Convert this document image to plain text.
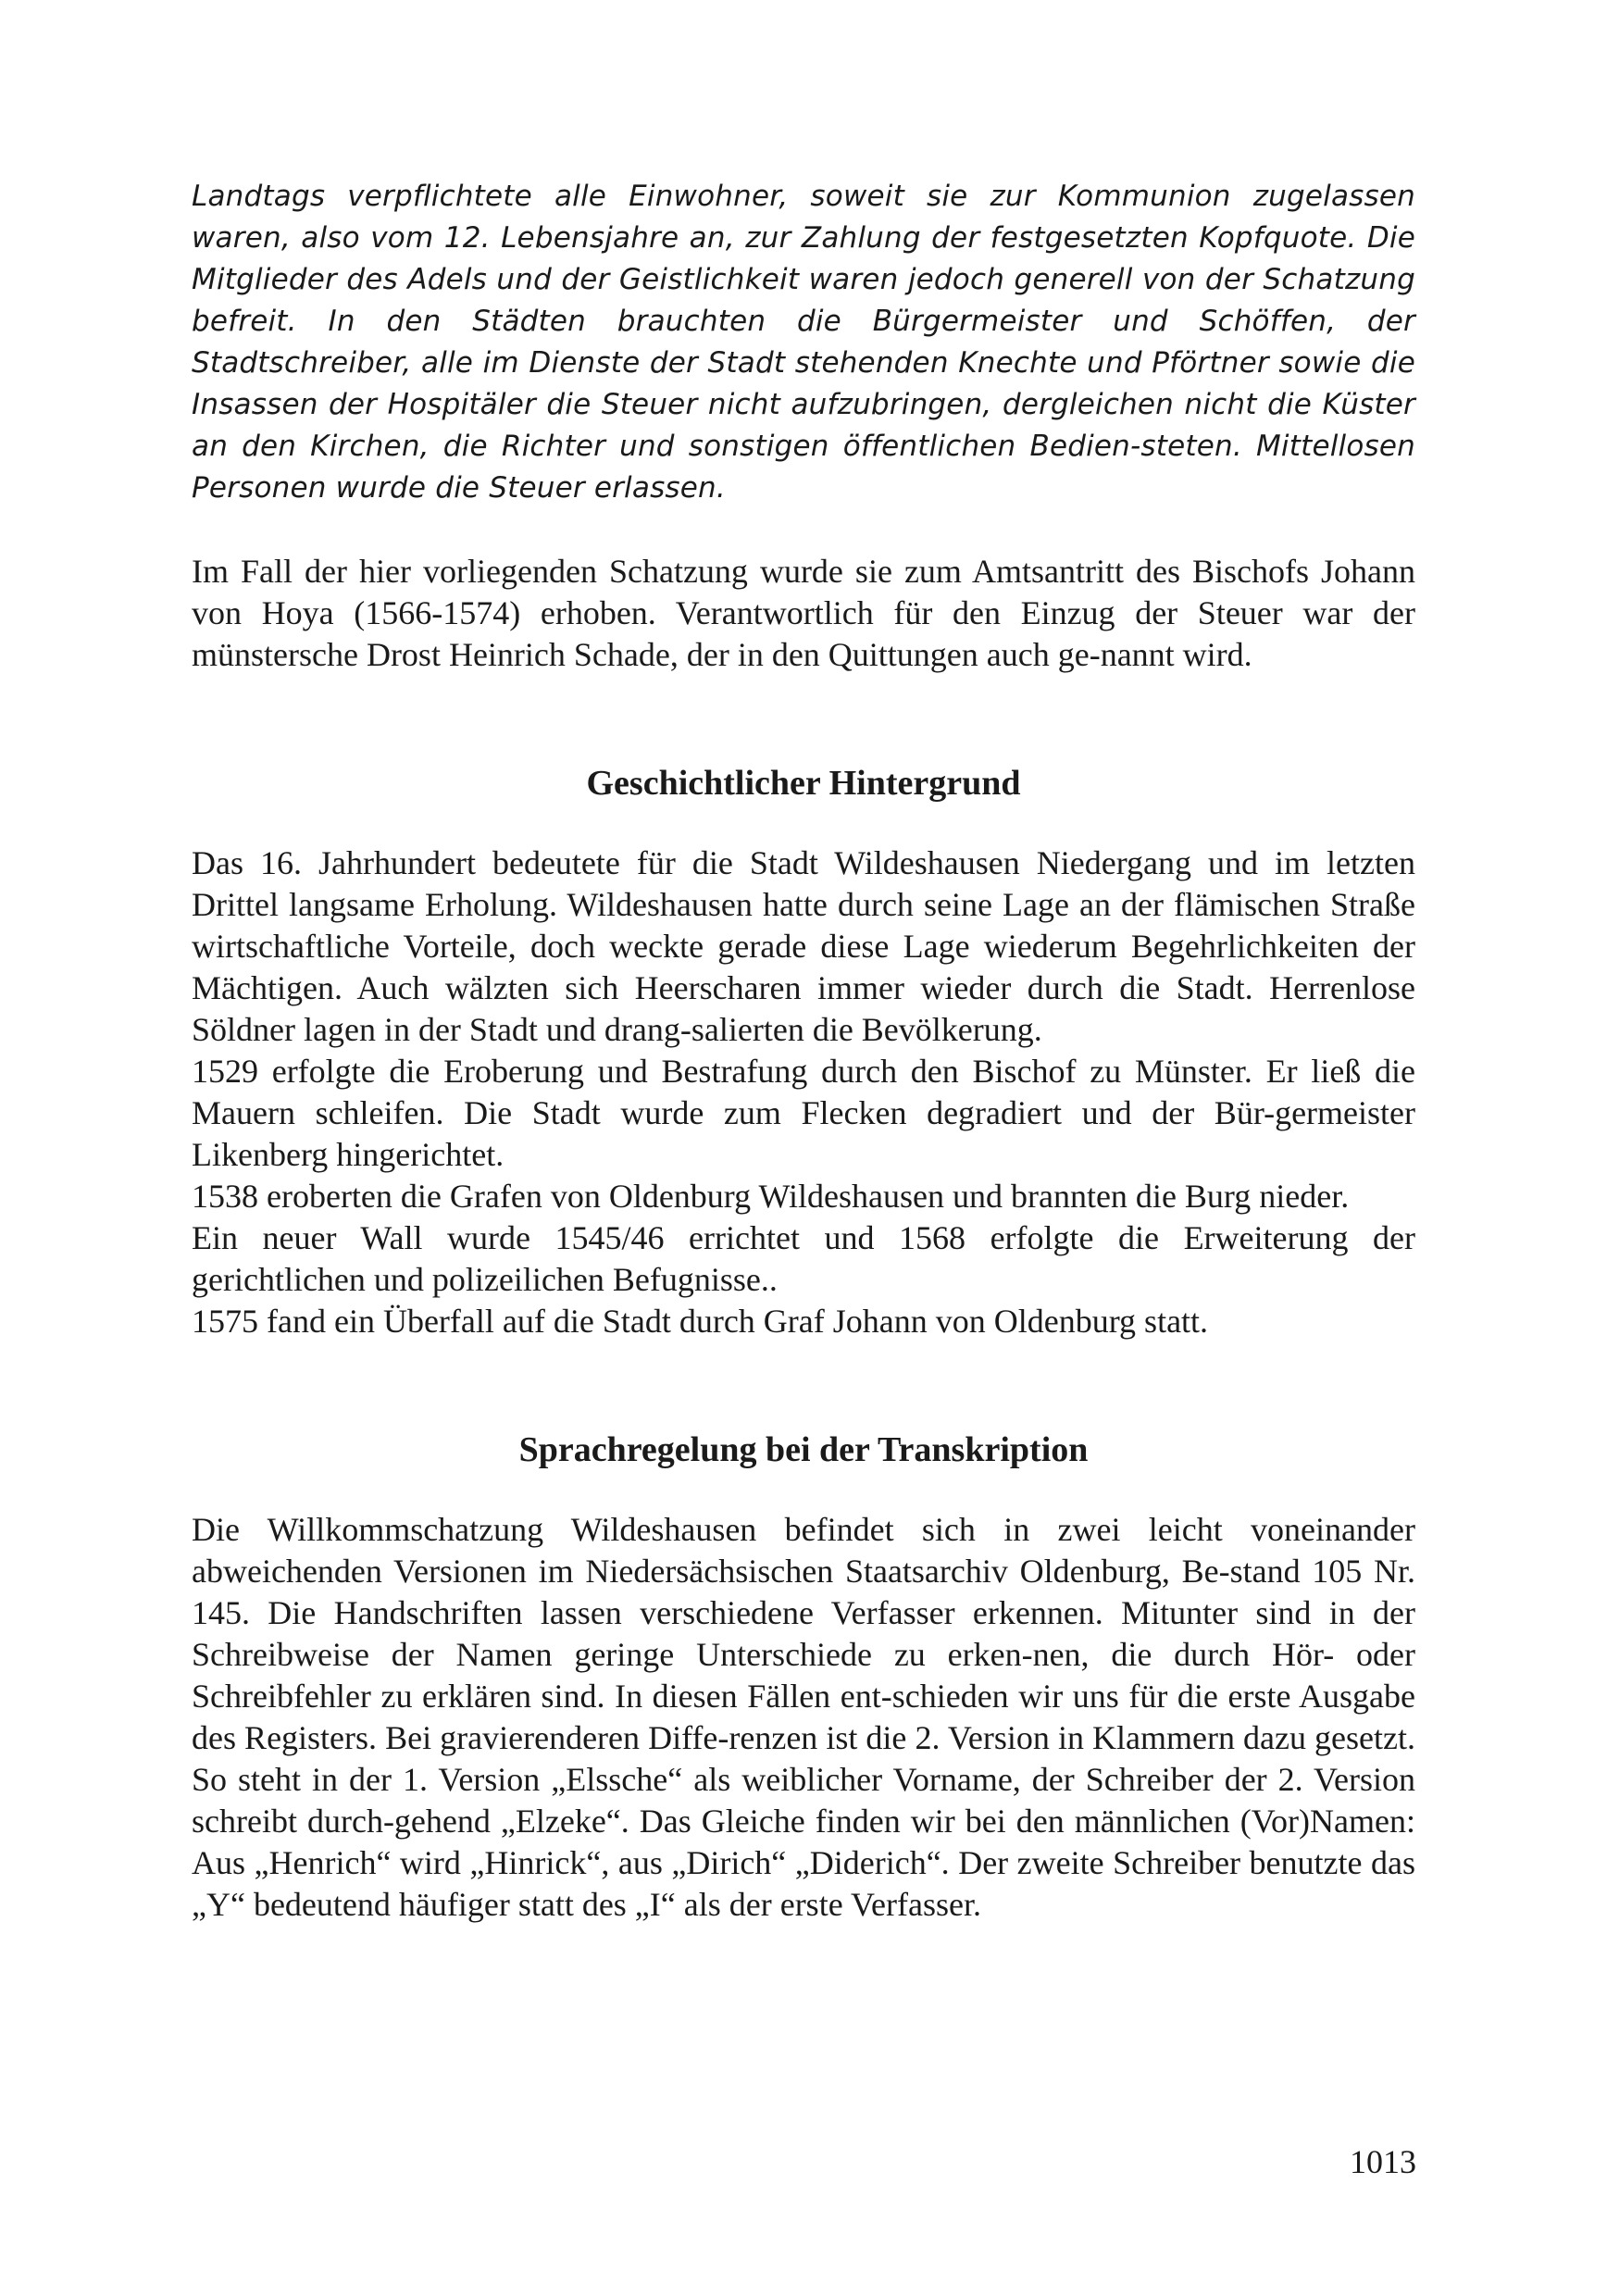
Landtags verpflichtete alle Einwohner, soweit sie zur Kommunion zugelassen waren, also vom 12. Lebensjahre an, zur Zahlung der festgesetzten Kopfquote. Die Mitglieder des Adels und der Geistlichkeit waren jedoch generell von der Schatzung befreit. In den Städten brauchten die Bürgermeister und Schöffen, der Stadtschreiber, alle im Dienste der Stadt stehenden Knechte und Pförtner sowie die Insassen der Hospitäler die Steuer nicht aufzubringen, dergleichen nicht die Küster an den Kirchen, die Richter und sonstigen öffentlichen Bedien-steten. Mittellosen Personen wurde die Steuer erlassen.

Im Fall der hier vorliegenden Schatzung wurde sie zum Amtsantritt des Bischofs Johann von Hoya (1566-1574) erhoben. Verantwortlich für den Einzug der Steuer war der münstersche Drost Heinrich Schade, der in den Quittungen auch ge-nannt wird.

Geschichtlicher Hintergrund
Das 16. Jahrhundert bedeutete für die Stadt Wildeshausen Niedergang und im letzten Drittel langsame Erholung. Wildeshausen hatte durch seine Lage an der flämischen Straße wirtschaftliche Vorteile, doch weckte gerade diese Lage wiederum Begehrlichkeiten der Mächtigen. Auch wälzten sich Heerscharen immer wieder durch die Stadt. Herrenlose Söldner lagen in der Stadt und drang-salierten die Bevölkerung.
1529 erfolgte die Eroberung und Bestrafung durch den Bischof zu Münster. Er ließ die Mauern schleifen. Die Stadt wurde zum Flecken degradiert und der Bür-germeister Likenberg hingerichtet.
1538 eroberten die Grafen von Oldenburg Wildeshausen und brannten die Burg nieder.
Ein neuer Wall wurde 1545/46 errichtet und 1568 erfolgte die Erweiterung der gerichtlichen und polizeilichen Befugnisse..
1575 fand ein Überfall auf die Stadt durch Graf Johann von Oldenburg statt.
Sprachregelung bei der Transkription

Die Willkommschatzung Wildeshausen befindet sich in zwei leicht voneinander abweichenden Versionen im Niedersächsischen Staatsarchiv Oldenburg, Be-stand 105 Nr. 145. Die Handschriften lassen verschiedene Verfasser erkennen. Mitunter sind in der Schreibweise der Namen geringe Unterschiede zu erken-nen, die durch Hör- oder Schreibfehler zu erklären sind. In diesen Fällen ent-schieden wir uns für die erste Ausgabe des Registers. Bei gravierenderen Diffe-renzen ist die 2. Version in Klammern dazu gesetzt. So steht in der 1. Version „Elssche“ als weiblicher Vorname, der Schreiber der 2. Version schreibt durch-gehend „Elzeke“. Das Gleiche finden wir bei den männlichen (Vor)Namen: Aus „Henrich“ wird „Hinrick“, aus „Dirich“ „Diderich“. Der zweite Schreiber benutzte das „Y“ bedeutend häufiger statt des „I“ als der erste Verfasser.

1013
